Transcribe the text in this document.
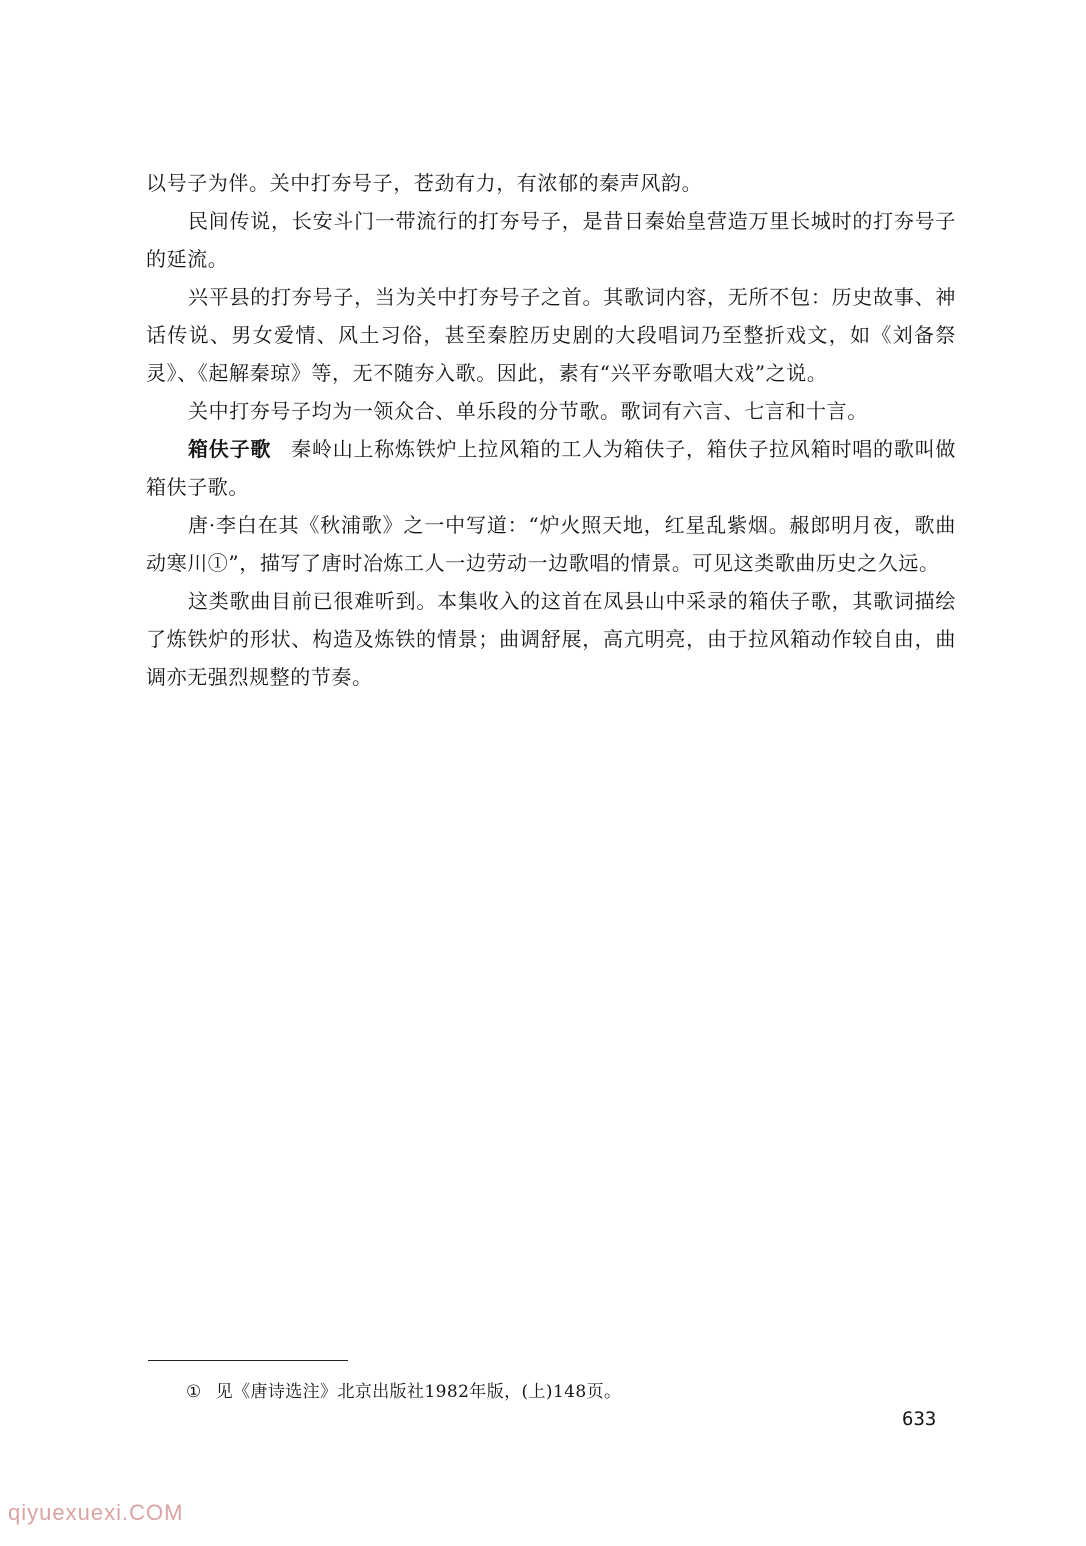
以号子为伴。关中打夯号子，苍劲有力，有浓郁的秦声风韵。

民间传说，长安斗门一带流行的打夯号子，是昔日秦始皇营造万里长城时的打夯号子的延流。

兴平县的打夯号子，当为关中打夯号子之首。其歌词内容，无所不包：历史故事、神话传说、男女爱情、风土习俗，甚至秦腔历史剧的大段唱词乃至整折戏文，如《刘备祭灵》、《起解秦琼》等，无不随夯入歌。因此，素有“兴平夯歌唱大戏”之说。

关中打夯号子均为一领众合、单乐段的分节歌。歌词有六言、七言和十言。

箱伕子歌 秦岭山上称炼铁炉上拉风箱的工人为箱伕子，箱伕子拉风箱时唱的歌叫做箱伕子歌。

唐·李白在其《秋浦歌》之一中写道：“炉火照天地，红星乱紫烟。赧郎明月夜，歌曲动寒川①”，描写了唐时冶炼工人一边劳动一边歌唱的情景。可见这类歌曲历史之久远。

这类歌曲目前已很难听到。本集收入的这首在凤县山中采录的箱伕子歌，其歌词描绘了炼铁炉的形状、构造及炼铁的情景；曲调舒展，高亢明亮，由于拉风箱动作较自由，曲调亦无强烈规整的节奏。

① 见《唐诗选注》北京出版社1982年版，(上)148页。
633
qiyuexuexi.COM
